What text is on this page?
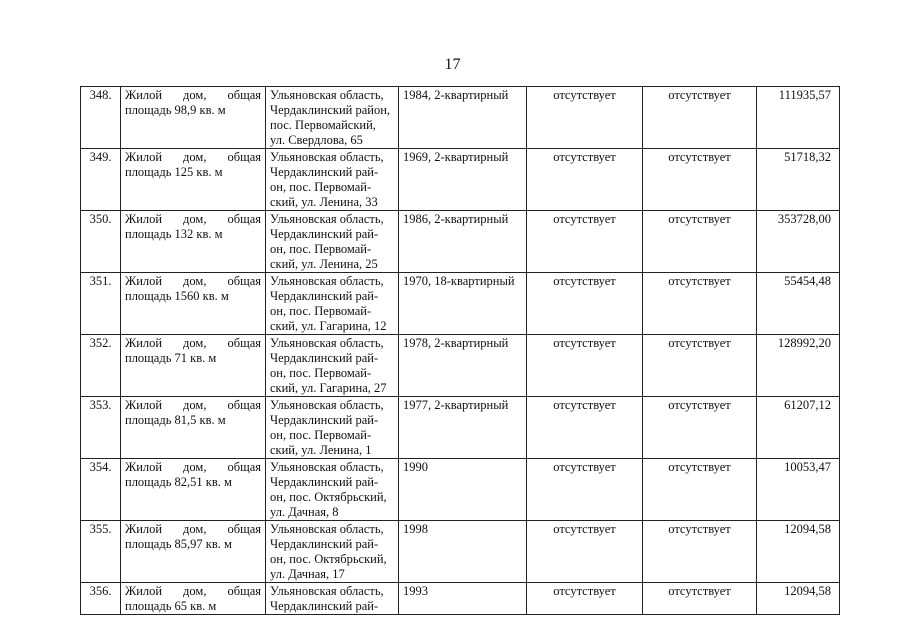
17
348.	Жилой дом, общая площадь 98,9 кв. м	Ульяновская область,
Чердаклинский район,
пос. Первомайский,
ул. Свердлова, 65	1984, 2-квартирный	отсутствует	отсутствует	111935,57
349.	Жилой дом, общая площадь 125 кв. м	Ульяновская область,
Чердаклинский рай-
он, пос. Первомай-
ский, ул. Ленина, 33	1969, 2-квартирный	отсутствует	отсутствует	51718,32
350.	Жилой дом, общая площадь 132 кв. м	Ульяновская область,
Чердаклинский рай-
он, пос. Первомай-
ский, ул. Ленина, 25	1986, 2-квартирный	отсутствует	отсутствует	353728,00
351.	Жилой дом, общая площадь 1560 кв. м	Ульяновская область,
Чердаклинский рай-
он, пос. Первомай-
ский, ул. Гагарина, 12	1970, 18-квартирный	отсутствует	отсутствует	55454,48
352.	Жилой дом, общая площадь 71 кв. м	Ульяновская область,
Чердаклинский рай-
он, пос. Первомай-
ский, ул. Гагарина, 27	1978, 2-квартирный	отсутствует	отсутствует	128992,20
353.	Жилой дом, общая площадь 81,5 кв. м	Ульяновская область,
Чердаклинский рай-
он, пос. Первомай-
ский, ул. Ленина, 1	1977, 2-квартирный	отсутствует	отсутствует	61207,12
354.	Жилой дом, общая площадь 82,51 кв. м	Ульяновская область,
Чердаклинский рай-
он, пос. Октябрьский,
ул. Дачная, 8	1990	отсутствует	отсутствует	10053,47
355.	Жилой дом, общая площадь 85,97 кв. м	Ульяновская область,
Чердаклинский рай-
он, пос. Октябрьский,
ул. Дачная, 17	1998	отсутствует	отсутствует	12094,58
356.	Жилой дом, общая площадь 65 кв. м	Ульяновская область,
Чердаклинский рай-	1993	отсутствует	отсутствует	12094,58
